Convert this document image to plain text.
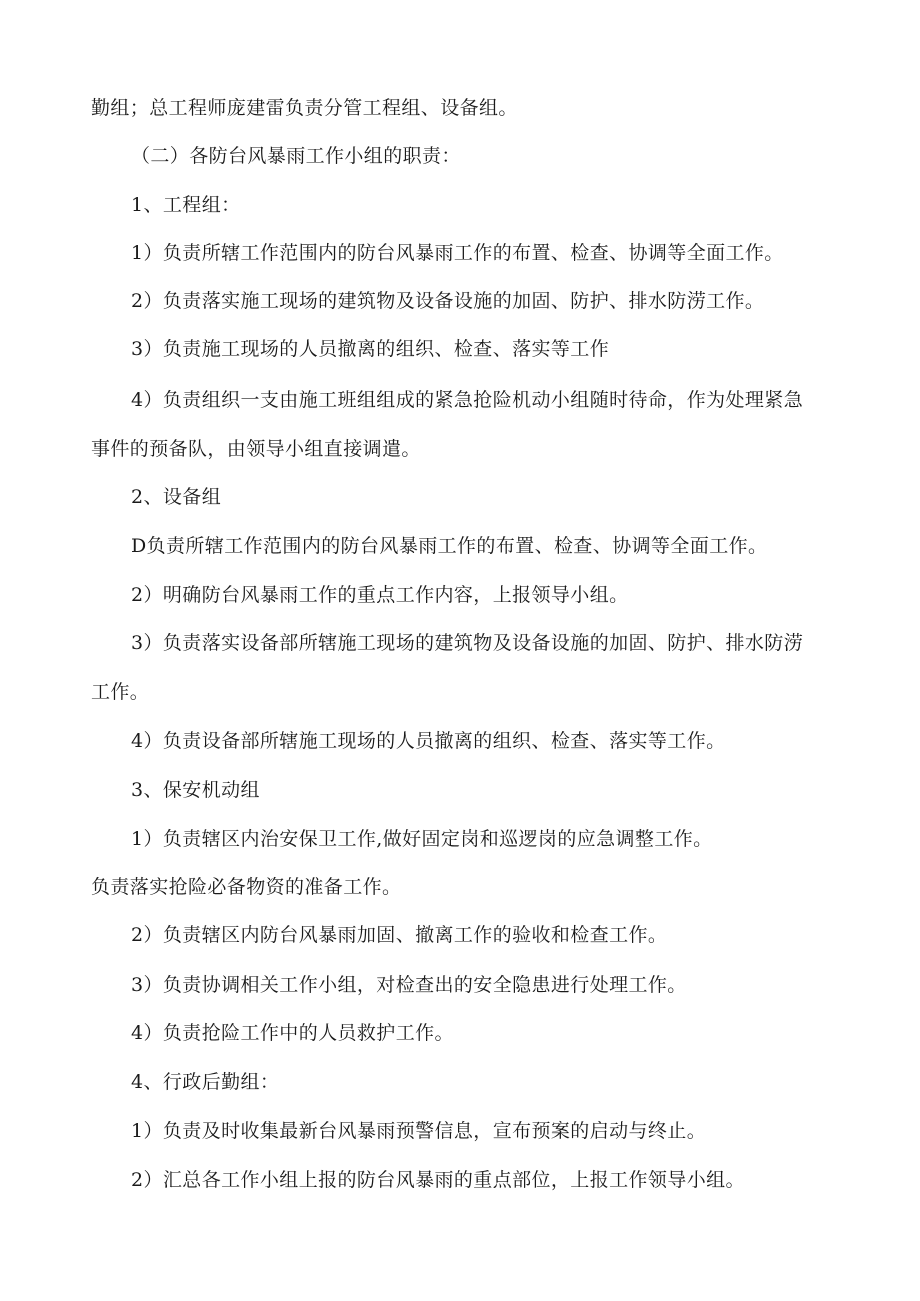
勤组；总工程师庞建雷负责分管工程组、设备组。

（二）各防台风暴雨工作小组的职责：

1、工程组：

1）负责所辖工作范围内的防台风暴雨工作的布置、检查、协调等全面工作。

2）负责落实施工现场的建筑物及设备设施的加固、防护、排水防涝工作。

3）负责施工现场的人员撤离的组织、检查、落实等工作

4）负责组织一支由施工班组组成的紧急抢险机动小组随时待命，作为处理紧急

事件的预备队，由领导小组直接调遣。

2、设备组

D负责所辖工作范围内的防台风暴雨工作的布置、检查、协调等全面工作。

2）明确防台风暴雨工作的重点工作内容，上报领导小组。

3）负责落实设备部所辖施工现场的建筑物及设备设施的加固、防护、排水防涝

工作。

4）负责设备部所辖施工现场的人员撤离的组织、检查、落实等工作。

3、保安机动组

1）负责辖区内治安保卫工作,做好固定岗和巡逻岗的应急调整工作。

负责落实抢险必备物资的准备工作。

2）负责辖区内防台风暴雨加固、撤离工作的验收和检查工作。

3）负责协调相关工作小组，对检查出的安全隐患进行处理工作。

4）负责抢险工作中的人员救护工作。

4、行政后勤组：

1）负责及时收集最新台风暴雨预警信息，宣布预案的启动与终止。

2）汇总各工作小组上报的防台风暴雨的重点部位，上报工作领导小组。
